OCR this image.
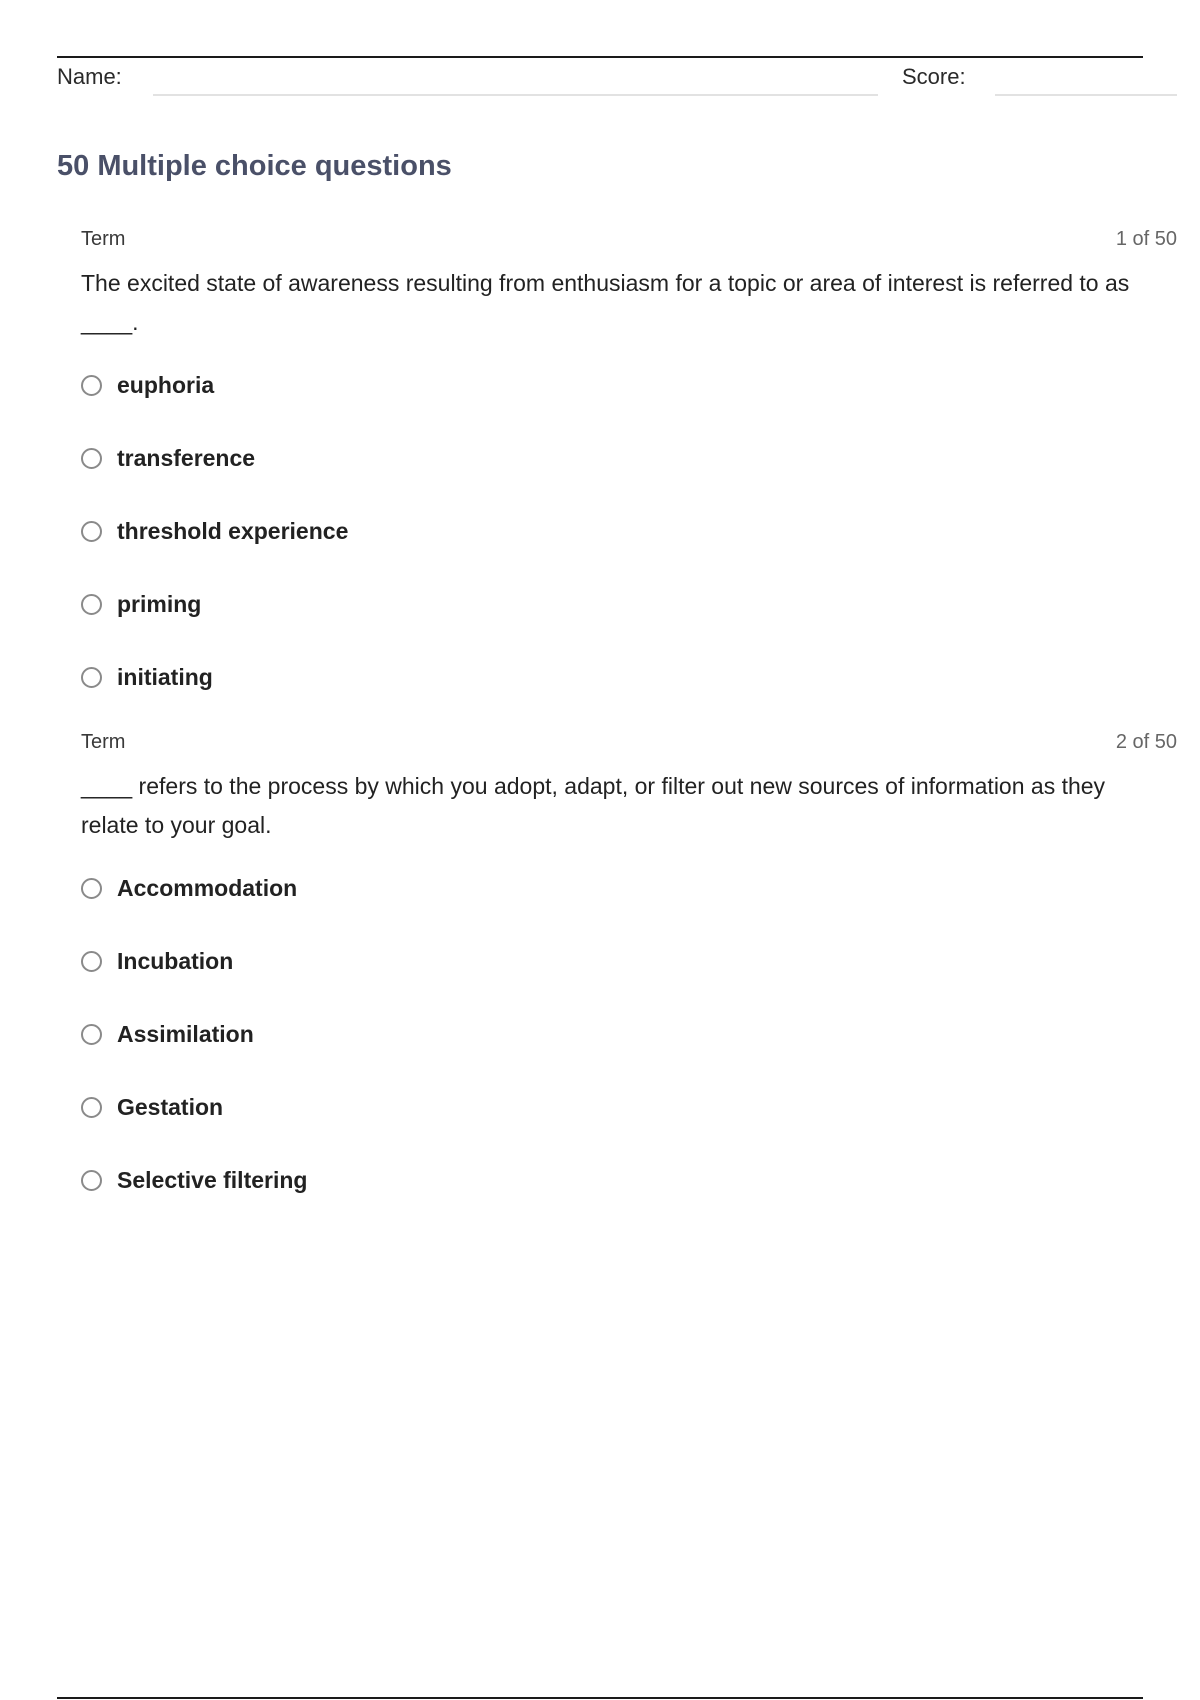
Name:	Score:
50 Multiple choice questions
Term	1 of 50

The excited state of awareness resulting from enthusiasm for a topic or area of interest is referred to as ____.

euphoria
transference
threshold experience
priming
initiating
Term	2 of 50

____ refers to the process by which you adopt, adapt, or filter out new sources of information as they relate to your goal.

Accommodation
Incubation
Assimilation
Gestation
Selective filtering
